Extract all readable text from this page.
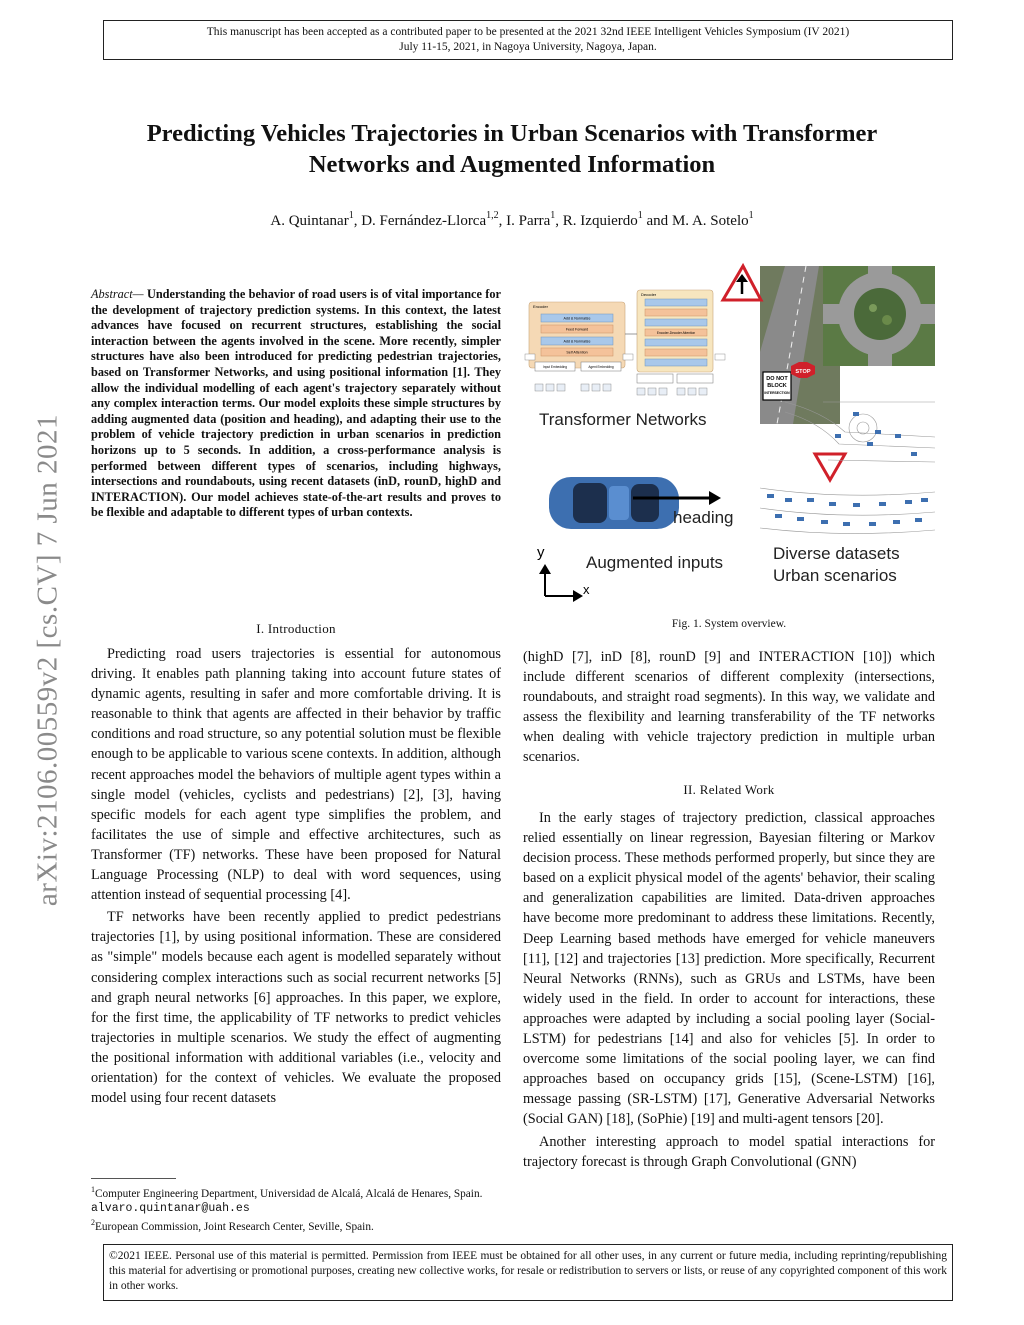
This manuscript has been accepted as a contributed paper to be presented at the 2021 32nd IEEE Intelligent Vehicles Symposium (IV 2021)
July 11-15, 2021, in Nagoya University, Nagoya, Japan.
arXiv:2106.00559v2 [cs.CV] 7 Jun 2021
Predicting Vehicles Trajectories in Urban Scenarios with Transformer
Networks and Augmented Information
A. Quintanar$^1$, D. Fernández-Llorca$^{1,2}$, I. Parra$^1$, R. Izquierdo$^1$ and M. A. Sotelo$^1$
Abstract— Understanding the behavior of road users is of vital importance for the development of trajectory prediction systems. In this context, the latest advances have focused on recurrent structures, establishing the social interaction between the agents involved in the scene. More recently, simpler structures have also been introduced for predicting pedestrian trajectories, based on Transformer Networks, and using positional information [1]. They allow the individual modelling of each agent's trajectory separately without any complex interaction terms. Our model exploits these simple structures by adding augmented data (position and heading), and adapting their use to the problem of vehicle trajectory prediction in urban scenarios in prediction horizons up to 5 seconds. In addition, a cross-performance analysis is performed between different types of scenarios, including highways, intersections and roundabouts, using recent datasets (inD, rounD, highD and INTERACTION). Our model achieves state-of-the-art results and proves to be flexible and adaptable to different types of urban contexts.
I. Introduction

Predicting road users trajectories is essential for autonomous driving. It enables path planning taking into account future states of dynamic agents, resulting in safer and more comfortable driving. It is reasonable to think that agents are affected in their behavior by traffic conditions and road structure, so any potential solution must be flexible enough to be applicable to various scene contexts. In addition, although recent approaches model the behaviors of multiple agent types within a single model (vehicles, cyclists and pedestrians) [2], [3], having specific models for each agent type simplifies the problem, and facilitates the use of simple and effective architectures, such as Transformer (TF) networks. These have been proposed for Natural Language Processing (NLP) to deal with word sequences, using attention instead of sequential processing [4].

TF networks have been recently applied to predict pedestrians trajectories [1], by using positional information. These are considered as "simple" models because each agent is modelled separately without considering complex interactions such as social recurrent networks [5] and graph neural networks [6] approaches. In this paper, we explore, for the first time, the applicability of TF networks to predict vehicles trajectories in multiple scenarios. We study the effect of augmenting the positional information with additional variables (i.e., velocity and orientation) for the context of vehicles. We evaluate the proposed model using four recent datasets

$^1$Computer Engineering Department, Universidad de Alcalá, Alcalá de Henares, Spain. alvaro.quintanar@uah.es
$^2$European Commission, Joint Research Center, Seville, Spain.
Encoder
Add & Normalize
Feed Forward
Add & Normalize
Self Attention
Decoder
Encoder-Decoder Attention
Input Embedding	Agent Embedding
Transformer Networks
heading
y
x
Augmented inputs
DO NOT
BLOCK
INTERSECTION
STOP
Diverse datasets
Urban scenarios
Fig. 1. System overview.
(highD [7], inD [8], rounD [9] and INTERACTION [10]) which include different scenarios of different complexity (intersections, roundabouts, and straight road segments). In this way, we validate and assess the flexibility and learning transferability of the TF networks when dealing with vehicle trajectory prediction in multiple urban scenarios.
II. Related Work

In the early stages of trajectory prediction, classical approaches relied essentially on linear regression, Bayesian filtering or Markov decision process. These methods performed properly, but since they are based on a explicit physical model of the agents' behavior, their scaling and generalization capabilities are limited. Data-driven approaches have become more predominant to address these limitations. Recently, Deep Learning based methods have emerged for vehicle maneuvers [11], [12] and trajectories [13] prediction. More specifically, Recurrent Neural Networks (RNNs), such as GRUs and LSTMs, have been widely used in the field. In order to account for interactions, these approaches were adapted by including a social pooling layer (Social-LSTM) for pedestrians [14] and also for vehicles [5]. In order to overcome some limitations of the social pooling layer, we can find approaches based on occupancy grids [15], (Scene-LSTM) [16], message passing (SR-LSTM) [17], Generative Adversarial Networks (Social GAN) [18], (SoPhie) [19] and multi-agent tensors [20].

Another interesting approach to model spatial interactions for trajectory forecast is through Graph Convolutional (GNN)

©2021 IEEE. Personal use of this material is permitted. Permission from IEEE must be obtained for all other uses, in any current or future media, including reprinting/republishing this material for advertising or promotional purposes, creating new collective works, for resale or redistribution to servers or lists, or reuse of any copyrighted component of this work in other works.
